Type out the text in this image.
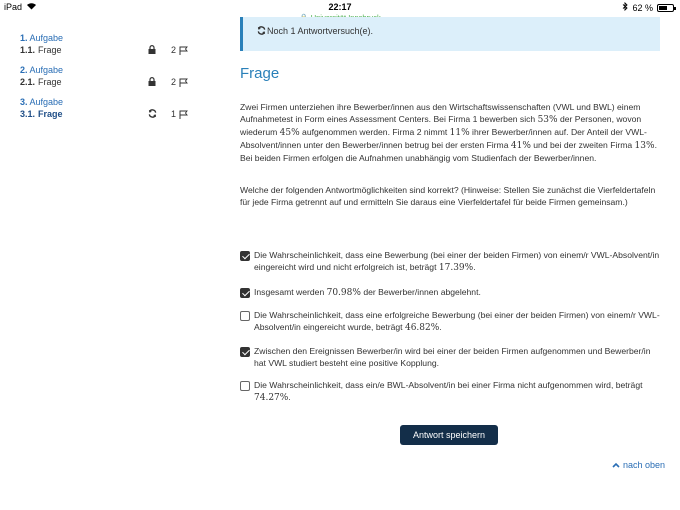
iPad	22:17	62 %
1. Aufgabe
1.1. Frage	2
2. Aufgabe
2.1. Frage	2
3. Aufgabe
3.1. Frage	1
Noch 1 Antwortversuch(e).
Frage
Zwei Firmen unterziehen ihre Bewerber/innen aus den Wirtschaftswissenschaften (VWL und BWL) einem Aufnahmetest in Form eines Assessment Centers. Bei Firma 1 bewerben sich 53% der Personen, wovon wiederum 45% aufgenommen werden. Firma 2 nimmt 11% ihrer Bewerber/innen auf. Der Anteil der VWL-Absolvent/innen unter den Bewerber/innen betrug bei der ersten Firma 41% und bei der zweiten Firma 13%. Bei beiden Firmen erfolgen die Aufnahmen unabhängig vom Studienfach der Bewerber/innen.
Welche der folgenden Antwortmöglichkeiten sind korrekt? (Hinweise: Stellen Sie zunächst die Vierfeldertafeln für jede Firma getrennt auf und ermitteln Sie daraus eine Vierfeldertafel für beide Firmen gemeinsam.)
Die Wahrscheinlichkeit, dass eine Bewerbung (bei einer der beiden Firmen) von einem/r VWL-Absolvent/in eingereicht wird und nicht erfolgreich ist, beträgt 17.39%.
Insgesamt werden 70.98% der Bewerber/innen abgelehnt.
Die Wahrscheinlichkeit, dass eine erfolgreiche Bewerbung (bei einer der beiden Firmen) von einem/r VWL-Absolvent/in eingereicht wurde, beträgt 46.82%.
Zwischen den Ereignissen Bewerber/in wird bei einer der beiden Firmen aufgenommen und Bewerber/in hat VWL studiert besteht eine positive Kopplung.
Die Wahrscheinlichkeit, dass ein/e BWL-Absolvent/in bei einer Firma nicht aufgenommen wird, beträgt 74.27%.
Antwort speichern
nach oben
